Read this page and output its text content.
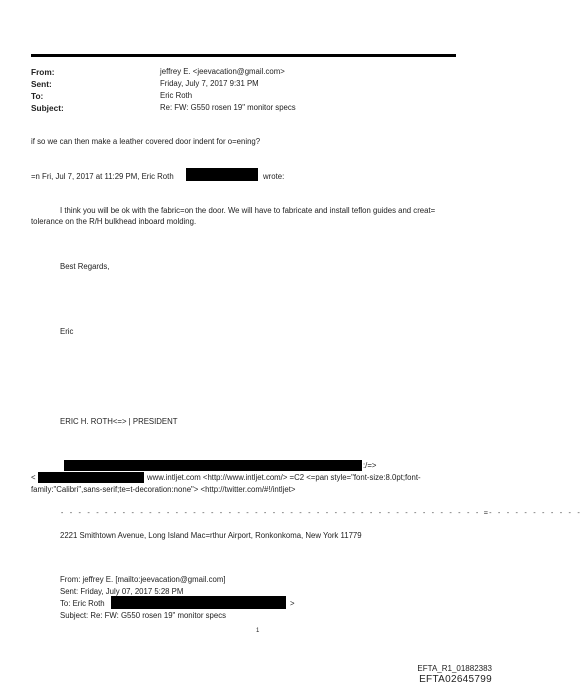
From:	jeffrey E. <jeevacation@gmail.com>
Sent:	Friday, July 7, 2017 9:31 PM
To:	Eric Roth
Subject:	Re: FW: G550 rosen 19" monitor specs
if so we can then make a leather covered door indent for o=ening?
=n Fri, Jul 7, 2017 at 11:29 PM, Eric Roth	wrote:
I think you will be ok with the fabric=on the door. We will have to fabricate and install teflon guides and creat=
tolerance on the R/H bulkhead inboard molding.
Best Regards,
Eric
ERIC H. ROTH<=> | PRESIDENT
:/=>
<	www.intljet.com <http://www.intljet.com/> =C2 <=pan style="font-size:8.0pt;font-
family:"Calibri",sans-serif;te=t-decoration:none"> <http://twitter.com/#!/intljet>
- - - - - - - - - - - - - - - - - - - - - - - - - - - - - - - - - - - - - - - - - - - - - - - - =- - - - - - - - - - -
2221 Smithtown Avenue, Long Island Mac=rthur Airport, Ronkonkoma, New York 11779
From: jeffrey E. [mailto:jeevacation@gmail.com]
Sent: Friday, July 07, 2017 5:28 PM
To: Eric Roth	>
Subject: Re: FW: G550 rosen 19" monitor specs
1
EFTA_R1_01882383
EFTA02645799
